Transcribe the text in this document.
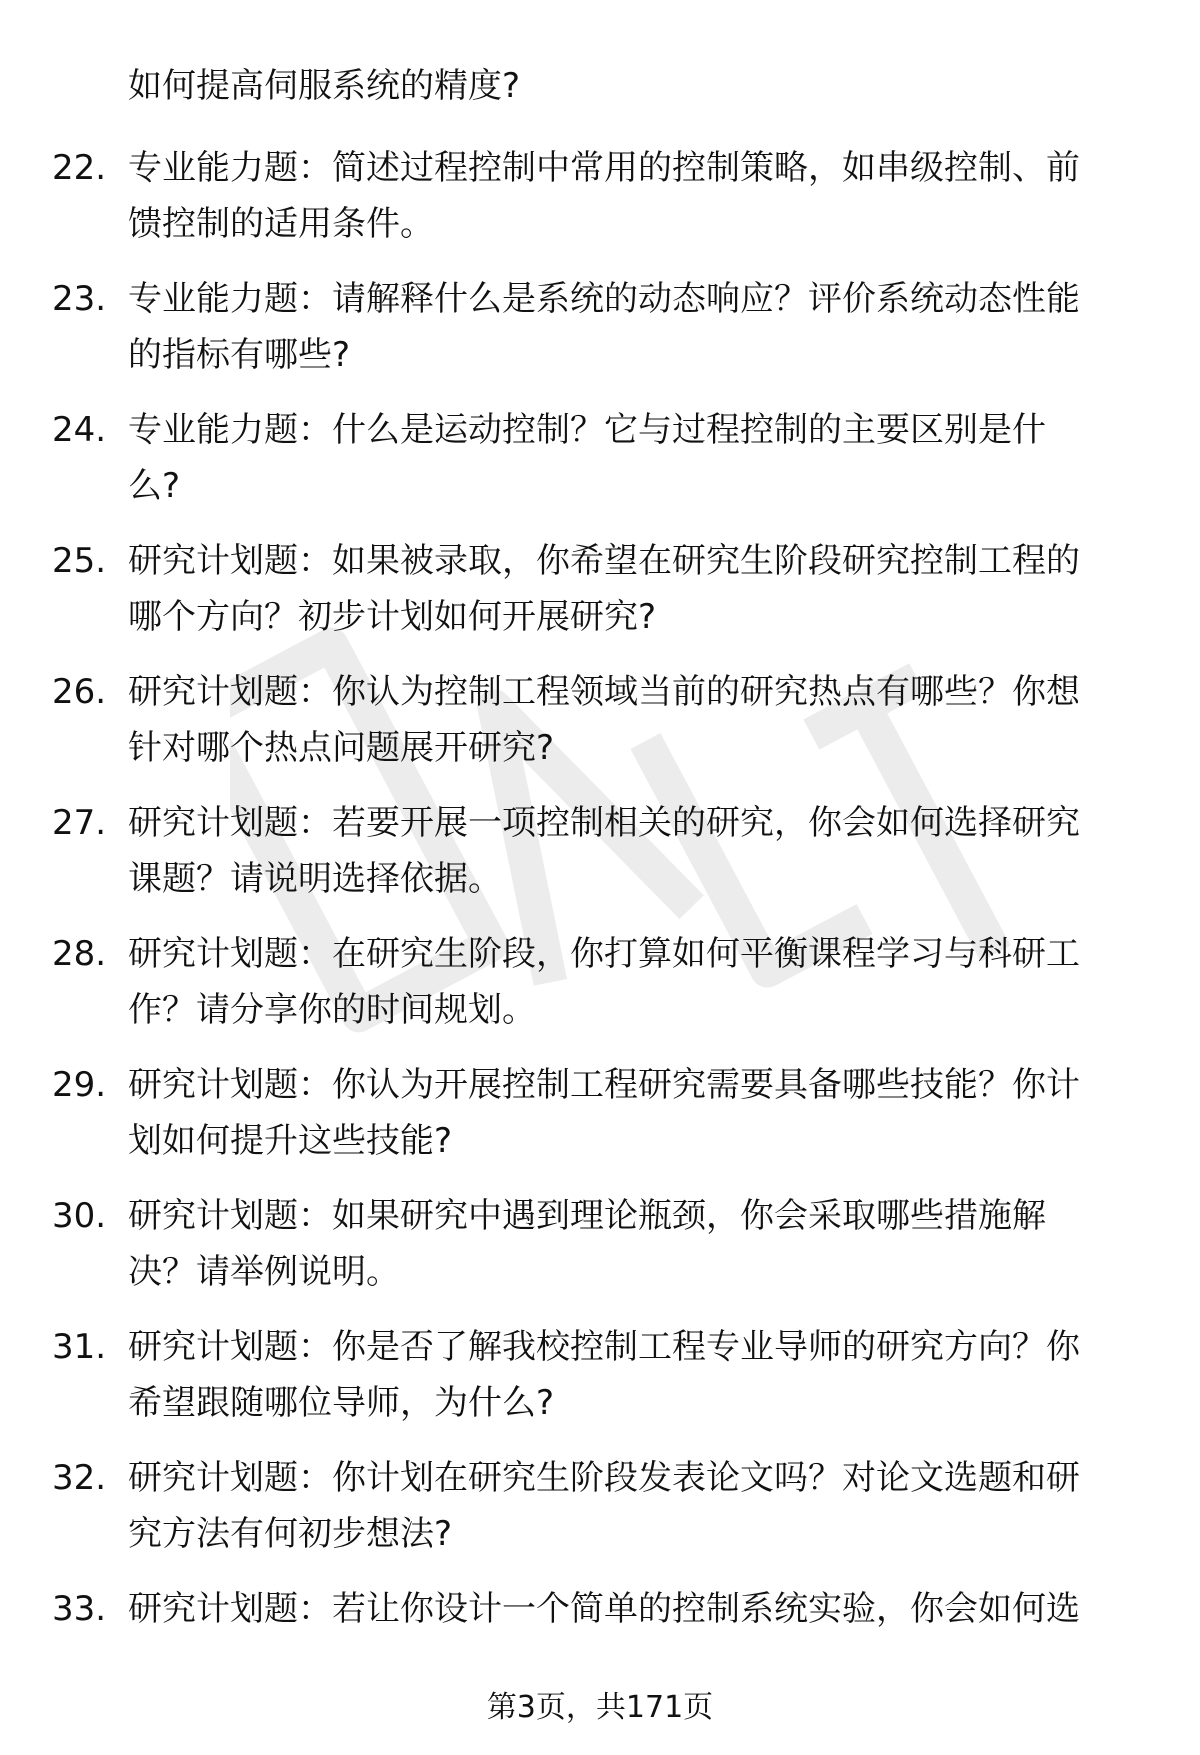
如何提高伺服系统的精度?
22. 专业能力题：简述过程控制中常用的控制策略，如串级控制、前
馈控制的适用条件。
23. 专业能力题：请解释什么是系统的动态响应？评价系统动态性能
的指标有哪些?
24. 专业能力题：什么是运动控制？它与过程控制的主要区别是什
么?
25. 研究计划题：如果被录取，你希望在研究生阶段研究控制工程的
哪个方向？初步计划如何开展研究?
26. 研究计划题：你认为控制工程领域当前的研究热点有哪些？你想
针对哪个热点问题展开研究?
27. 研究计划题：若要开展一项控制相关的研究，你会如何选择研究
课题？请说明选择依据。
28. 研究计划题：在研究生阶段，你打算如何平衡课程学习与科研工
作？请分享你的时间规划。
29. 研究计划题：你认为开展控制工程研究需要具备哪些技能？你计
划如何提升这些技能?
30. 研究计划题：如果研究中遇到理论瓶颈，你会采取哪些措施解
决？请举例说明。
31. 研究计划题：你是否了解我校控制工程专业导师的研究方向？你
希望跟随哪位导师，为什么?
32. 研究计划题：你计划在研究生阶段发表论文吗？对论文选题和研
究方法有何初步想法?
33. 研究计划题：若让你设计一个简单的控制系统实验，你会如何选
第3页，共171页
